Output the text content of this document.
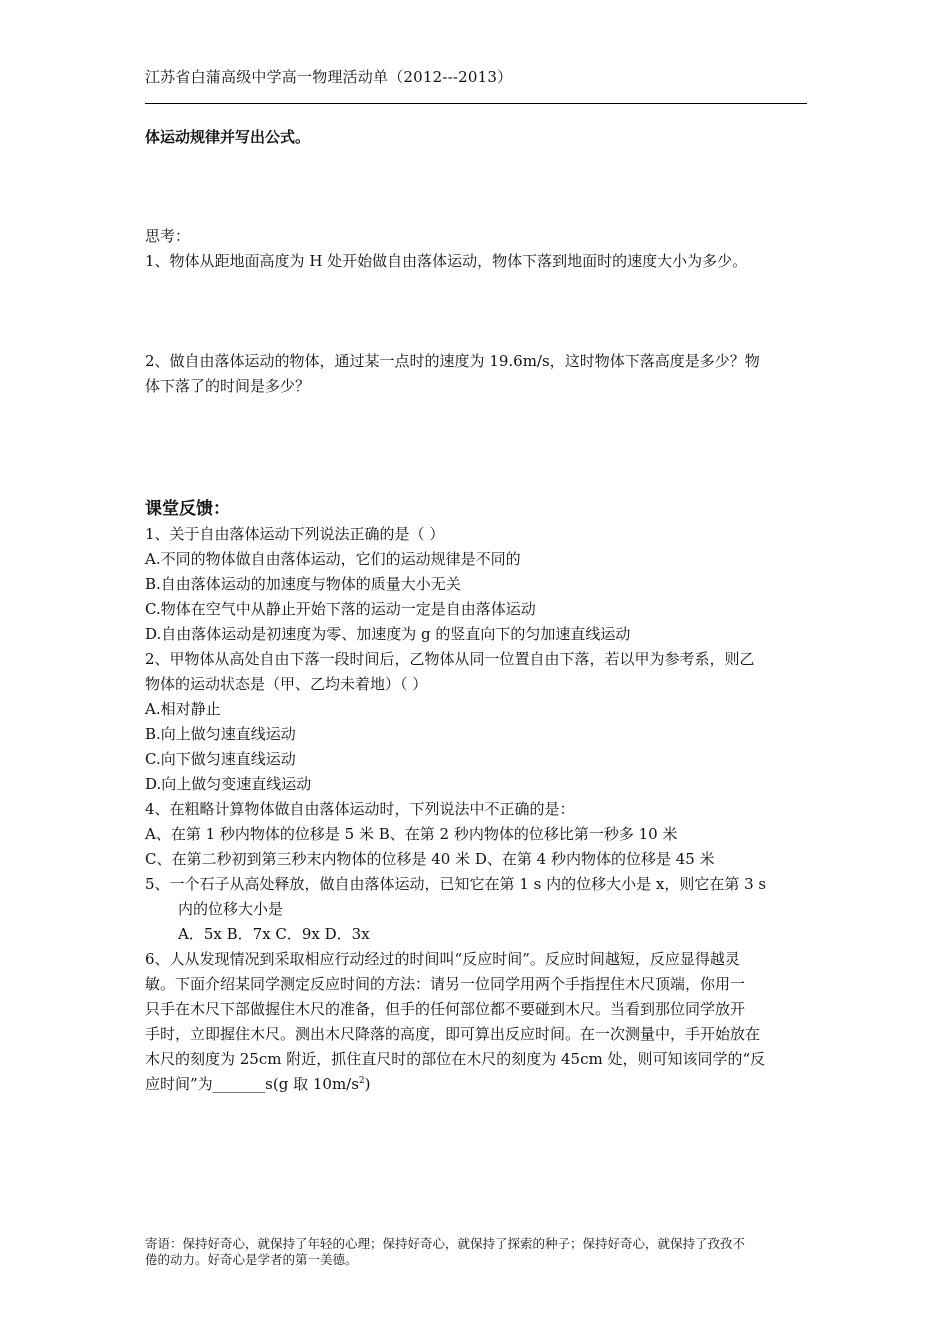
江苏省白蒲高级中学高一物理活动单（2012---2013）
体运动规律并写出公式。
思考：
1、物体从距地面高度为 H 处开始做自由落体运动，物体下落到地面时的速度大小为多少。
2、做自由落体运动的物体，通过某一点时的速度为 19.6m/s，这时物体下落高度是多少？物
体下落了的时间是多少？
课堂反馈：
1、关于自由落体运动下列说法正确的是（ ）
A.不同的物体做自由落体运动，它们的运动规律是不同的
B.自由落体运动的加速度与物体的质量大小无关
C.物体在空气中从静止开始下落的运动一定是自由落体运动
D.自由落体运动是初速度为零、加速度为 g 的竖直向下的匀加速直线运动
2、甲物体从高处自由下落一段时间后，乙物体从同一位置自由下落，若以甲为参考系，则乙
物体的运动状态是（甲、乙均未着地）（ ）
A.相对静止
B.向上做匀速直线运动
C.向下做匀速直线运动
D.向上做匀变速直线运动
4、在粗略计算物体做自由落体运动时，下列说法中不正确的是：
A、在第 1 秒内物体的位移是 5 米 B、在第 2 秒内物体的位移比第一秒多 10 米
C、在第二秒初到第三秒末内物体的位移是 40 米 D、在第 4 秒内物体的位移是 45 米
5、一个石子从高处释放，做自由落体运动，已知它在第 1 s 内的位移大小是 x，则它在第 3 s
内的位移大小是
A．5x B．7x C．9x D．3x
6、人从发现情况到采取相应行动经过的时间叫“反应时间”。反应时间越短，反应显得越灵
敏。下面介绍某同学测定反应时间的方法：请另一位同学用两个手指捏住木尺顶端，你用一
只手在木尺下部做握住木尺的准备，但手的任何部位都不要碰到木尺。当看到那位同学放开
手时，立即握住木尺。测出木尺降落的高度，即可算出反应时间。在一次测量中，手开始放在
木尺的刻度为 25cm 附近，抓住直尺时的部位在木尺的刻度为 45cm 处，则可知该同学的“反
应时间”为_______s(g 取 $10m/s^2$)
寄语：保持好奇心，就保持了年轻的心理；保持好奇心，就保持了探索的种子；保持好奇心，就保持了孜孜不
倦的动力。好奇心是学者的第一美德。
